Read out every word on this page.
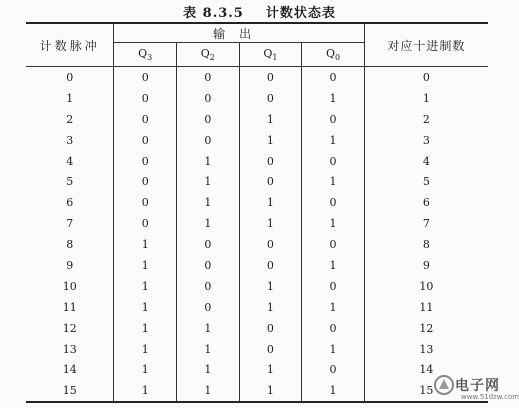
表 8.3.5 计数状态表
计数脉冲	输出				对应十进制数
	$Q_3$	$Q_2$	$Q_1$	$Q_0$
0	0	0	0	0	0
1	0	0	0	1	1
2	0	0	1	0	2
3	0	0	1	1	3
4	0	1	0	0	4
5	0	1	0	1	5
6	0	1	1	0	6
7	0	1	1	1	7
8	1	0	0	0	8
9	1	0	0	1	9
10	1	0	1	0	10
11	1	0	1	1	11
12	1	1	0	0	12
13	1	1	0	1	13
14	1	1	1	0	14
15	1	1	1	1	15 电子网
www.51dzw.com
